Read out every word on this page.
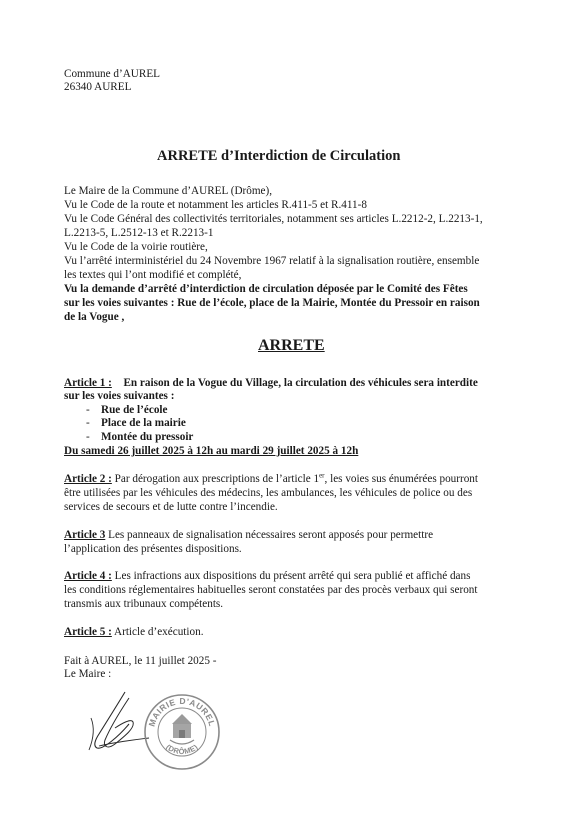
Commune d’AUREL
26340 AUREL
ARRETE d’Interdiction de Circulation
Le Maire de la Commune d’AUREL (Drôme),
Vu le Code de la route et notamment les articles R.411-5 et R.411-8
Vu le Code Général des collectivités territoriales, notamment ses articles L.2212-2, L.2213-1,
L.2213-5, L.2512-13 et R.2213-1
Vu le Code de la voirie routière,
Vu l’arrêté interministériel du 24 Novembre 1967 relatif à la signalisation routière, ensemble
les textes qui l’ont modifié et complété,
Vu la demande d’arrêté d’interdiction de circulation déposée par le Comité des Fêtes
sur les voies suivantes : Rue de l’école, place de la Mairie, Montée du Pressoir en raison
de la Vogue ,
ARRETE
Article 1 : En raison de la Vogue du Village, la circulation des véhicules sera interdite
sur les voies suivantes :
- Rue de l’école
- Place de la mairie
- Montée du pressoir
Du samedi 26 juillet 2025 à 12h au mardi 29 juillet 2025 à 12h
Article 2 : Par dérogation aux prescriptions de l’article 1er, les voies sus énumérées pourront
être utilisées par les véhicules des médecins, les ambulances, les véhicules de police ou des
services de secours et de lutte contre l’incendie.
Article 3 Les panneaux de signalisation nécessaires seront apposés pour permettre
l’application des présentes dispositions.
Article 4 : Les infractions aux dispositions du présent arrêté qui sera publié et affiché dans
les conditions réglementaires habituelles seront constatées par des procès verbaux qui seront
transmis aux tribunaux compétents.
Article 5 : Article d’exécution.
Fait à AUREL, le 11 juillet 2025 -
Le Maire :
MAIRIE D'AUREL
(DRÔME)
